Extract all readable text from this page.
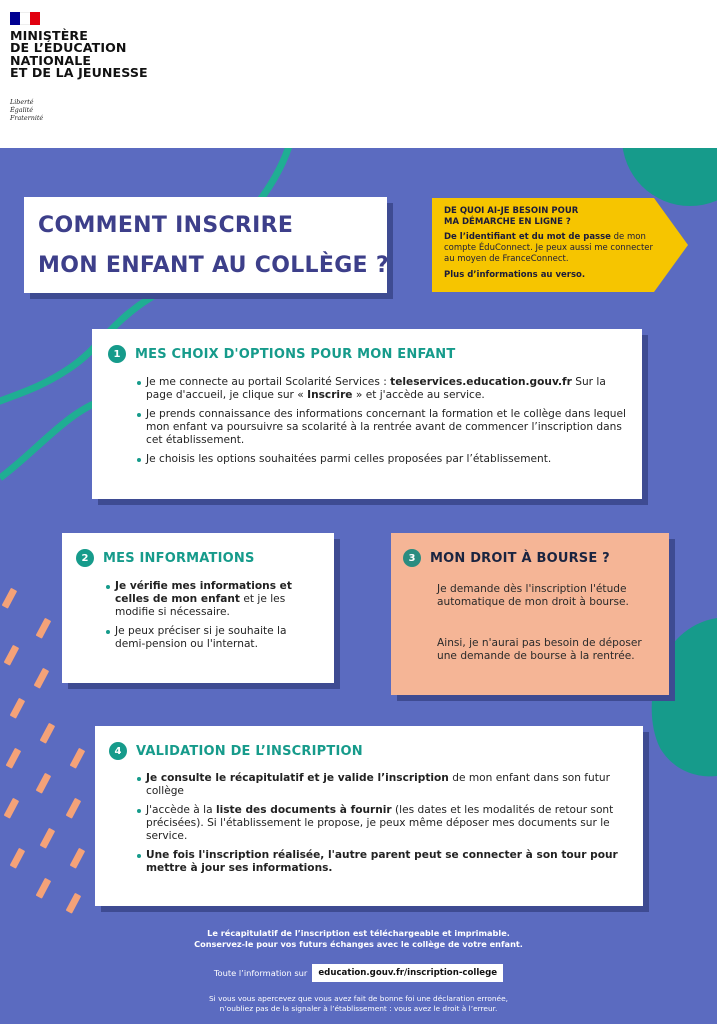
MINISTÈRE
DE L’ÉDUCATION
NATIONALE
ET DE LA JEUNESSE
Liberté
Égalité
Fraternité
COMMENT INSCRIRE
MON ENFANT AU COLLÈGE ?
DE QUOI AI-JE BESOIN POUR
MA DÉMARCHE EN LIGNE ?
De l’identifiant et du mot de passe de mon compte ÉduConnect. Je peux aussi me connecter au moyen de FranceConnect.
Plus d’informations au verso.
1	MES CHOIX D'OPTIONS POUR MON ENFANT
Je me connecte au portail Scolarité Services : teleservices.education.gouv.fr Sur la page d'accueil, je clique sur « Inscrire » et j'accède au service.
Je prends connaissance des informations concernant la formation et le collège dans lequel mon enfant va poursuivre sa scolarité à la rentrée avant de commencer l’inscription dans cet établissement.
Je choisis les options souhaitées parmi celles proposées par l’établissement.
2	MES INFORMATIONS
Je vérifie mes informations et celles de mon enfant et je les modifie si nécessaire.
Je peux préciser si je souhaite la demi-pension ou l'internat.
3	MON DROIT À BOURSE ?
Je demande dès l'inscription l'étude automatique de mon droit à bourse.
Ainsi, je n'aurai pas besoin de déposer une demande de bourse à la rentrée.
4	VALIDATION DE L’INSCRIPTION
Je consulte le récapitulatif et je valide l’inscription de mon enfant dans son futur collège
J'accède à la liste des documents à fournir (les dates et les modalités de retour sont précisées). Si l'établissement le propose, je peux même déposer mes documents sur le service.
Une fois l'inscription réalisée, l'autre parent peut se connecter à son tour pour mettre à jour ses informations.
Le récapitulatif de l’inscription est téléchargeable et imprimable.
Conservez-le pour vos futurs échanges avec le collège de votre enfant.
Toute l’information sur	education.gouv.fr/inscription-college
Si vous vous apercevez que vous avez fait de bonne foi une déclaration erronée,
n’oubliez pas de la signaler à l’établissement : vous avez le droit à l’erreur.
